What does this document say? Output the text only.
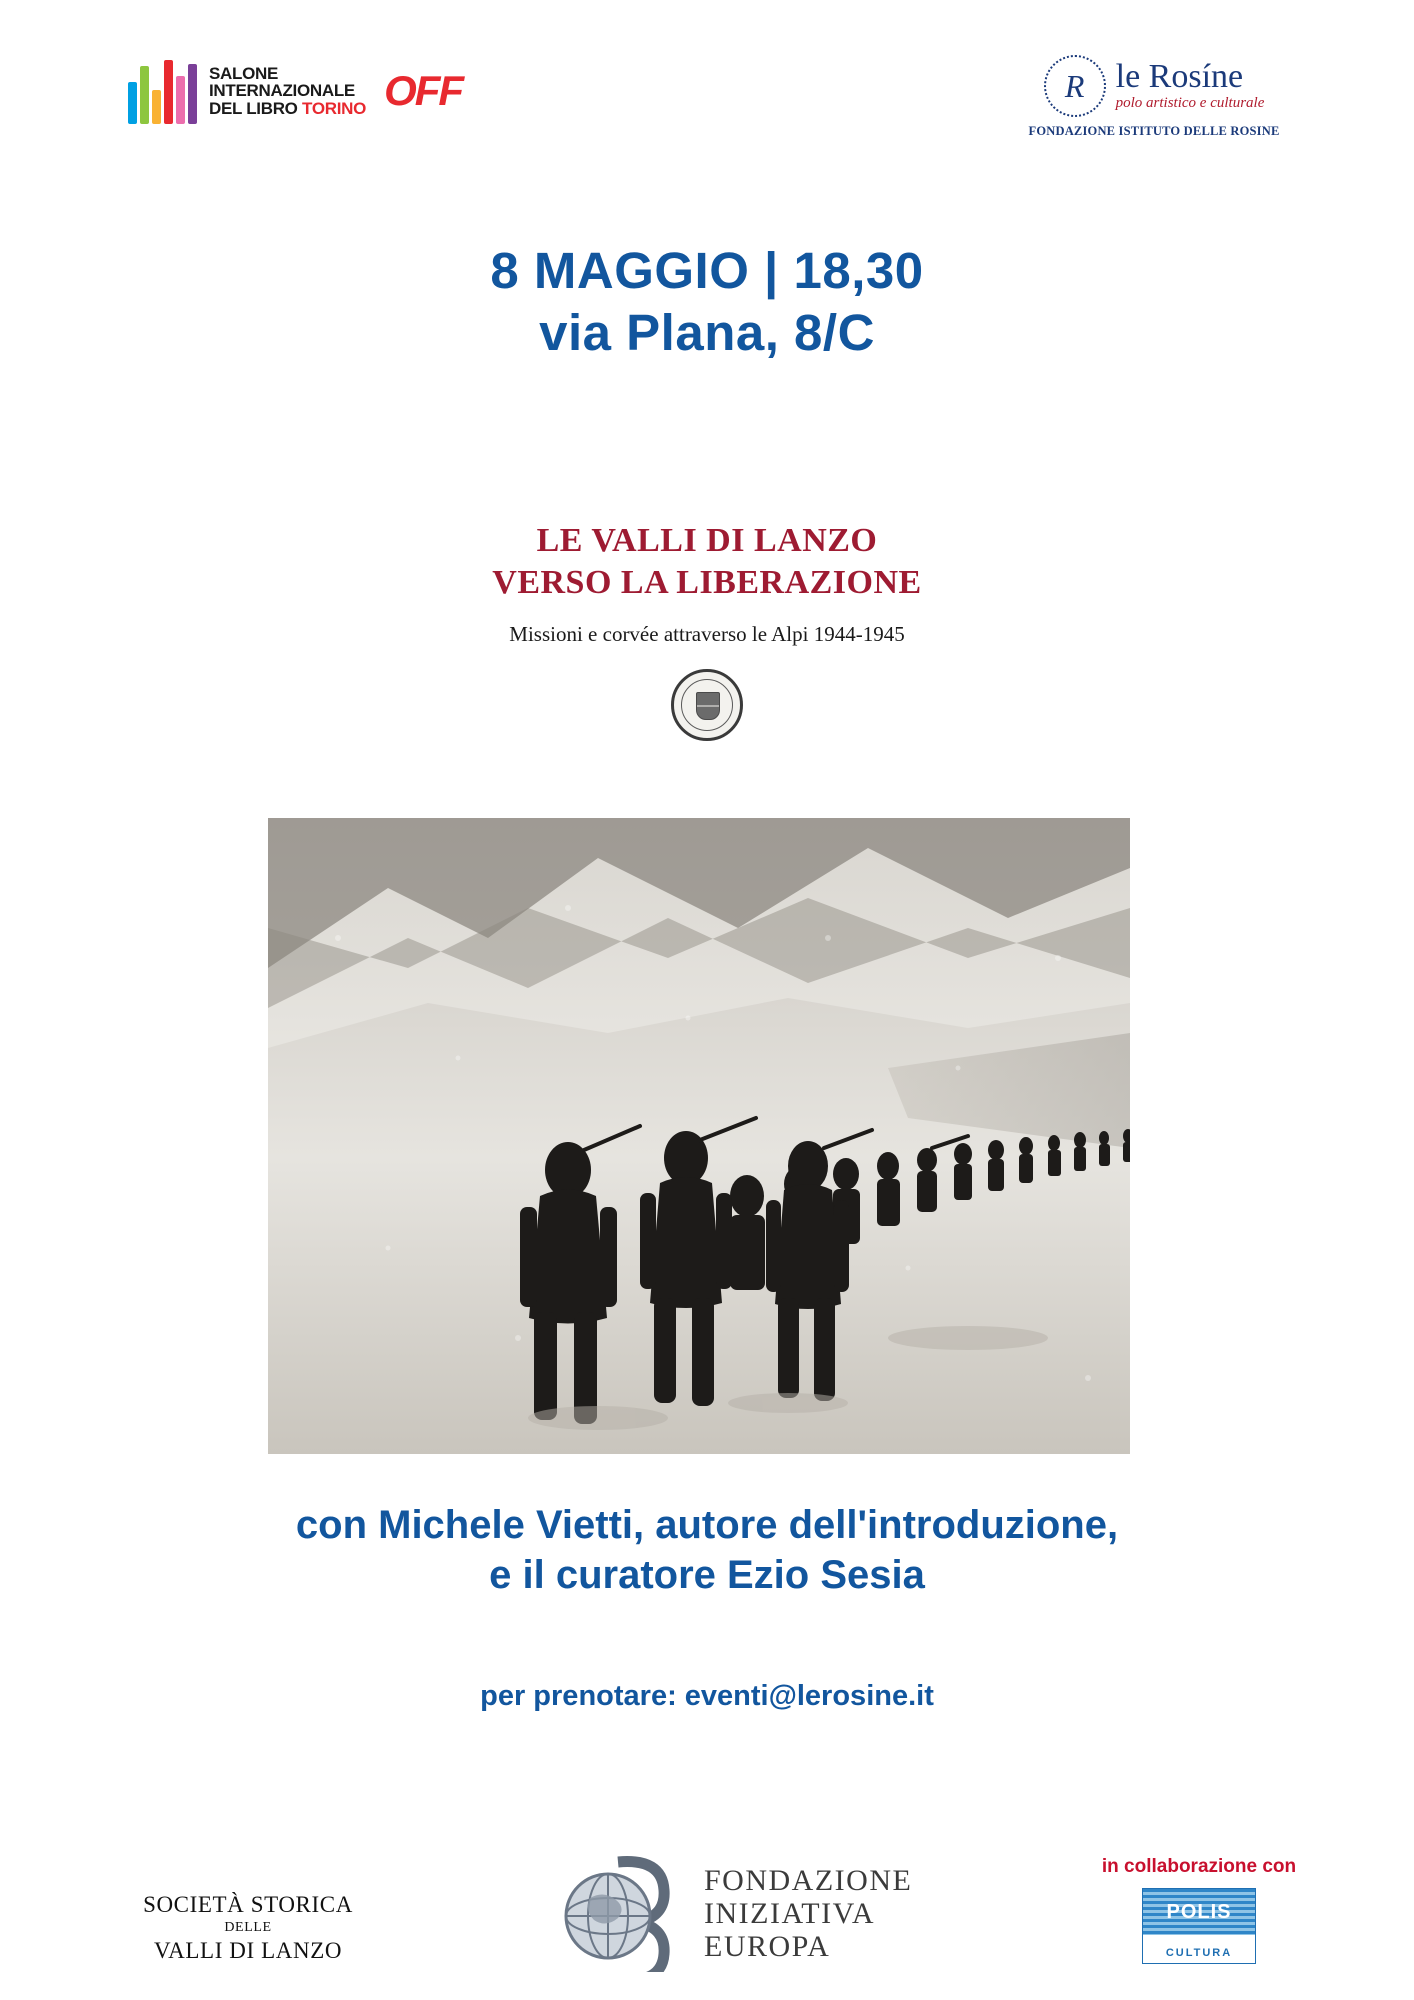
SALONE
INTERNAZIONALE
DEL LIBRO TORINO OFF	R le Rosíne
polo artistico e culturale
FONDAZIONE ISTITUTO DELLE ROSINE
8 MAGGIO | 18,30
via Plana, 8/C
LE VALLI DI LANZO
VERSO LA LIBERAZIONE
Missioni e corvée attraverso le Alpi 1944-1945
con Michele Vietti, autore dell'introduzione,
e il curatore Ezio Sesia
per prenotare: eventi@lerosine.it
SOCIETÀ STORICA
DELLE
VALLI DI LANZO
FONDAZIONE
INIZIATIVA
EUROPA
in collaborazione con
POLIS
CULTURA
